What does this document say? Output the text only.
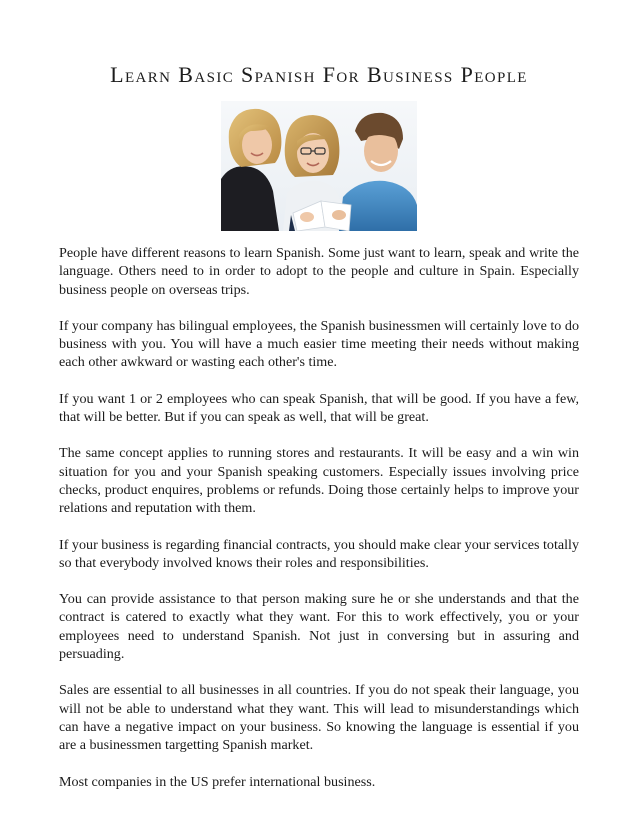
Learn Basic Spanish For Business People

People have different reasons to learn Spanish. Some just want to learn, speak and write the language. Others need to in order to adopt to the people and culture in Spain. Especially business people on overseas trips.

If your company has bilingual employees, the Spanish businessmen will certainly love to do business with you. You will have a much easier time meeting their needs without making each other awkward or wasting each other's time.

If you want 1 or 2 employees who can speak Spanish, that will be good. If you have a few, that will be better. But if you can speak as well, that will be great.

The same concept applies to running stores and restaurants. It will be easy and a win win situation for you and your Spanish speaking customers. Especially issues involving price checks, product enquires, problems or refunds. Doing those certainly helps to improve your relations and reputation with them.

If your business is regarding financial contracts, you should make clear your services totally so that everybody involved knows their roles and responsibilities.

You can provide assistance to that person making sure he or she understands and that the contract is catered to exactly what they want. For this to work effectively, you or your employees need to understand Spanish. Not just in conversing but in assuring and persuading.

Sales are essential to all businesses in all countries. If you do not speak their language, you will not be able to understand what they want. This will lead to misunderstandings which can have a negative impact on your business. So knowing the language is essential if you are a businessmen targetting Spanish market.

Most companies in the US prefer international business.
